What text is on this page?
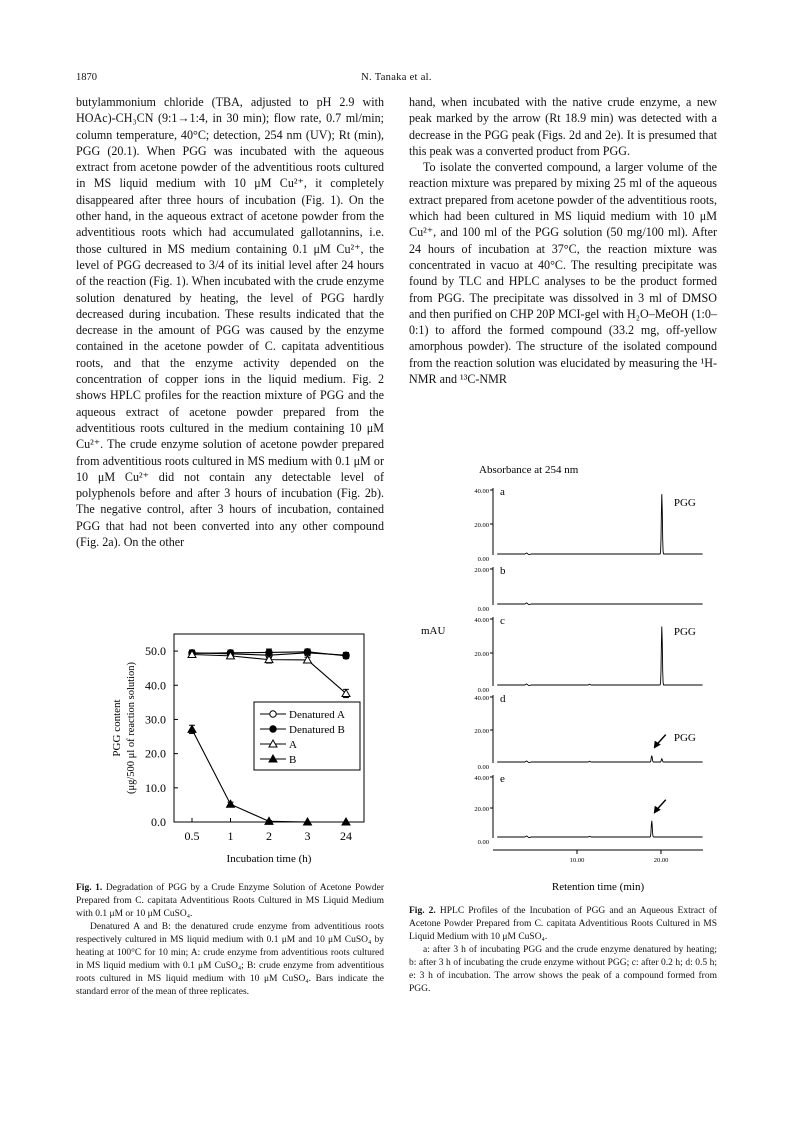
1870	N. Tanaka et al.

butylammonium chloride (TBA, adjusted to pH 2.9 with HOAc)-CH₃CN (9:1→1:4, in 30 min); flow rate, 0.7 ml/min; column temperature, 40°C; detection, 254 nm (UV); Rt (min), PGG (20.1). When PGG was incubated with the aqueous extract from acetone powder of the adventitious roots cultured in MS liquid medium with 10 μM Cu²⁺, it completely disappeared after three hours of incubation (Fig. 1). On the other hand, in the aqueous extract of acetone powder from the adventitious roots which had accumulated gallotannins, i.e. those cultured in MS medium containing 0.1 μM Cu²⁺, the level of PGG decreased to 3/4 of its initial level after 24 hours of the reaction (Fig. 1). When incubated with the crude enzyme solution denatured by heating, the level of PGG hardly decreased during incubation. These results indicated that the decrease in the amount of PGG was caused by the enzyme contained in the acetone powder of C. capitata adventitious roots, and that the enzyme activity depended on the concentration of copper ions in the liquid medium. Fig. 2 shows HPLC profiles for the reaction mixture of PGG and the aqueous extract of acetone powder prepared from the adventitious roots cultured in the medium containing 10 μM Cu²⁺. The crude enzyme solution of acetone powder prepared from adventitious roots cultured in MS medium with 0.1 μM or 10 μM Cu²⁺ did not contain any detectable level of polyphenols before and after 3 hours of incubation (Fig. 2b). The negative control, after 3 hours of incubation, contained PGG that had not been converted into any other compound (Fig. 2a). On the other

hand, when incubated with the native crude enzyme, a new peak marked by the arrow (Rt 18.9 min) was detected with a decrease in the PGG peak (Figs. 2d and 2e). It is presumed that this peak was a converted product from PGG.

To isolate the converted compound, a larger volume of the reaction mixture was prepared by mixing 25 ml of the aqueous extract prepared from acetone powder of the adventitious roots, which had been cultured in MS liquid medium with 10 μM Cu²⁺, and 100 ml of the PGG solution (50 mg/100 ml). After 24 hours of incubation at 37°C, the reaction mixture was concentrated in vacuo at 40°C. The resulting precipitate was found by TLC and HPLC analyses to be the product formed from PGG. The precipitate was dissolved in 3 ml of DMSO and then purified on CHP 20P MCI-gel with H₂O–MeOH (1:0–0:1) to afford the formed compound (33.2 mg, off-yellow amorphous powder). The structure of the isolated compound from the reaction solution was elucidated by measuring the ¹H-NMR and ¹³C-NMR

0.0
10.0
20.0
30.0
40.0
50.0
0.5 1	2	3 24
Incubation time (h)
PGG content (μg/500 μl of reaction solution)	Denatured A
Denatured B
A
B
Fig. 1. Degradation of PGG by a Crude Enzyme Solution of Acetone Powder Prepared from C. capitata Adventitious Roots Cultured in MS Liquid Medium with 0.1 μM or 10 μM CuSO₄.
Denatured A and B: the denatured crude enzyme from adventitious roots respectively cultured in MS liquid medium with 0.1 μM and 10 μM CuSO₄ by heating at 100°C for 10 min; A: crude enzyme from adventitious roots cultured in MS liquid medium with 0.1 μM CuSO₄; B: crude enzyme from adventitious roots cultured in MS liquid medium with 10 μM CuSO₄. Bars indicate the standard error of the mean of three replicates.
Absorbance at 254 nm
mAU
40.00
20.00
0.00
a
PGG
20.00
0.00
b
40.00
20.00
0.00
c
PGG
40.00
20.00
0.00
d
PGG
40.00
20.00
0.00
e
10.00	20.00
Retention time (min)
Fig. 2. HPLC Profiles of the Incubation of PGG and an Aqueous Extract of Acetone Powder Prepared from C. capitata Adventitious Roots Cultured in MS Liquid Medium with 10 μM CuSO₄.
a: after 3 h of incubating PGG and the crude enzyme denatured by heating; b: after 3 h of incubating the crude enzyme without PGG; c: after 0.2 h; d: 0.5 h; e: 3 h of incubation. The arrow shows the peak of a compound formed from PGG.
